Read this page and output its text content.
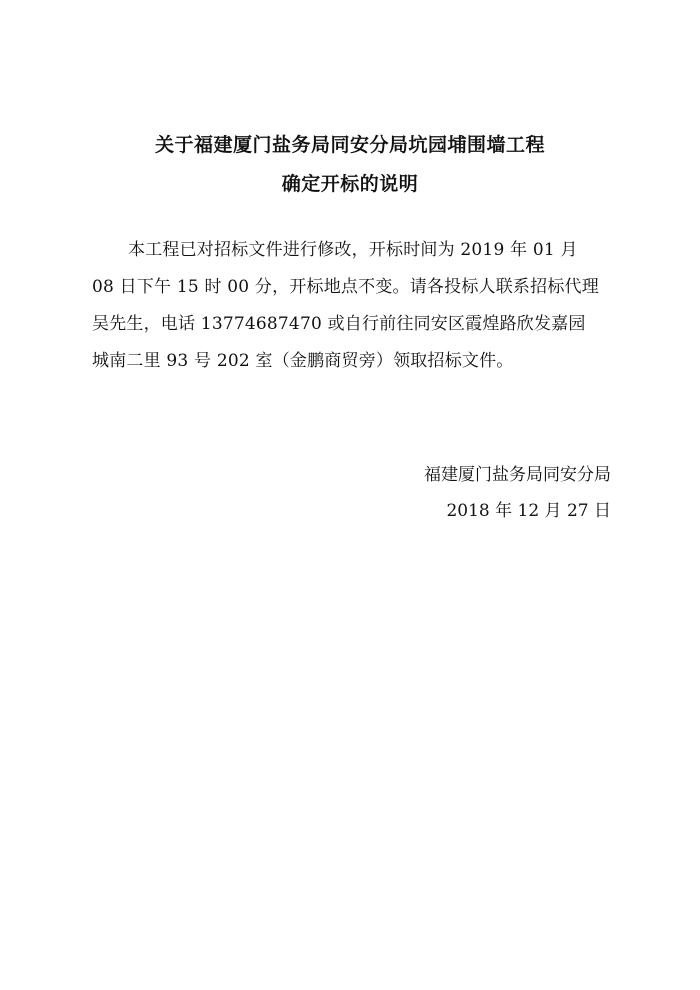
关于福建厦门盐务局同安分局坑园埔围墙工程
确定开标的说明
本工程已对招标文件进行修改，开标时间为 2019 年 01 月
08 日下午 15 时 00 分，开标地点不变。请各投标人联系招标代理
吴先生，电话 13774687470 或自行前往同安区霞煌路欣发嘉园
城南二里 93 号 202 室（金鹏商贸旁）领取招标文件。
福建厦门盐务局同安分局
2018 年 12 月 27 日
